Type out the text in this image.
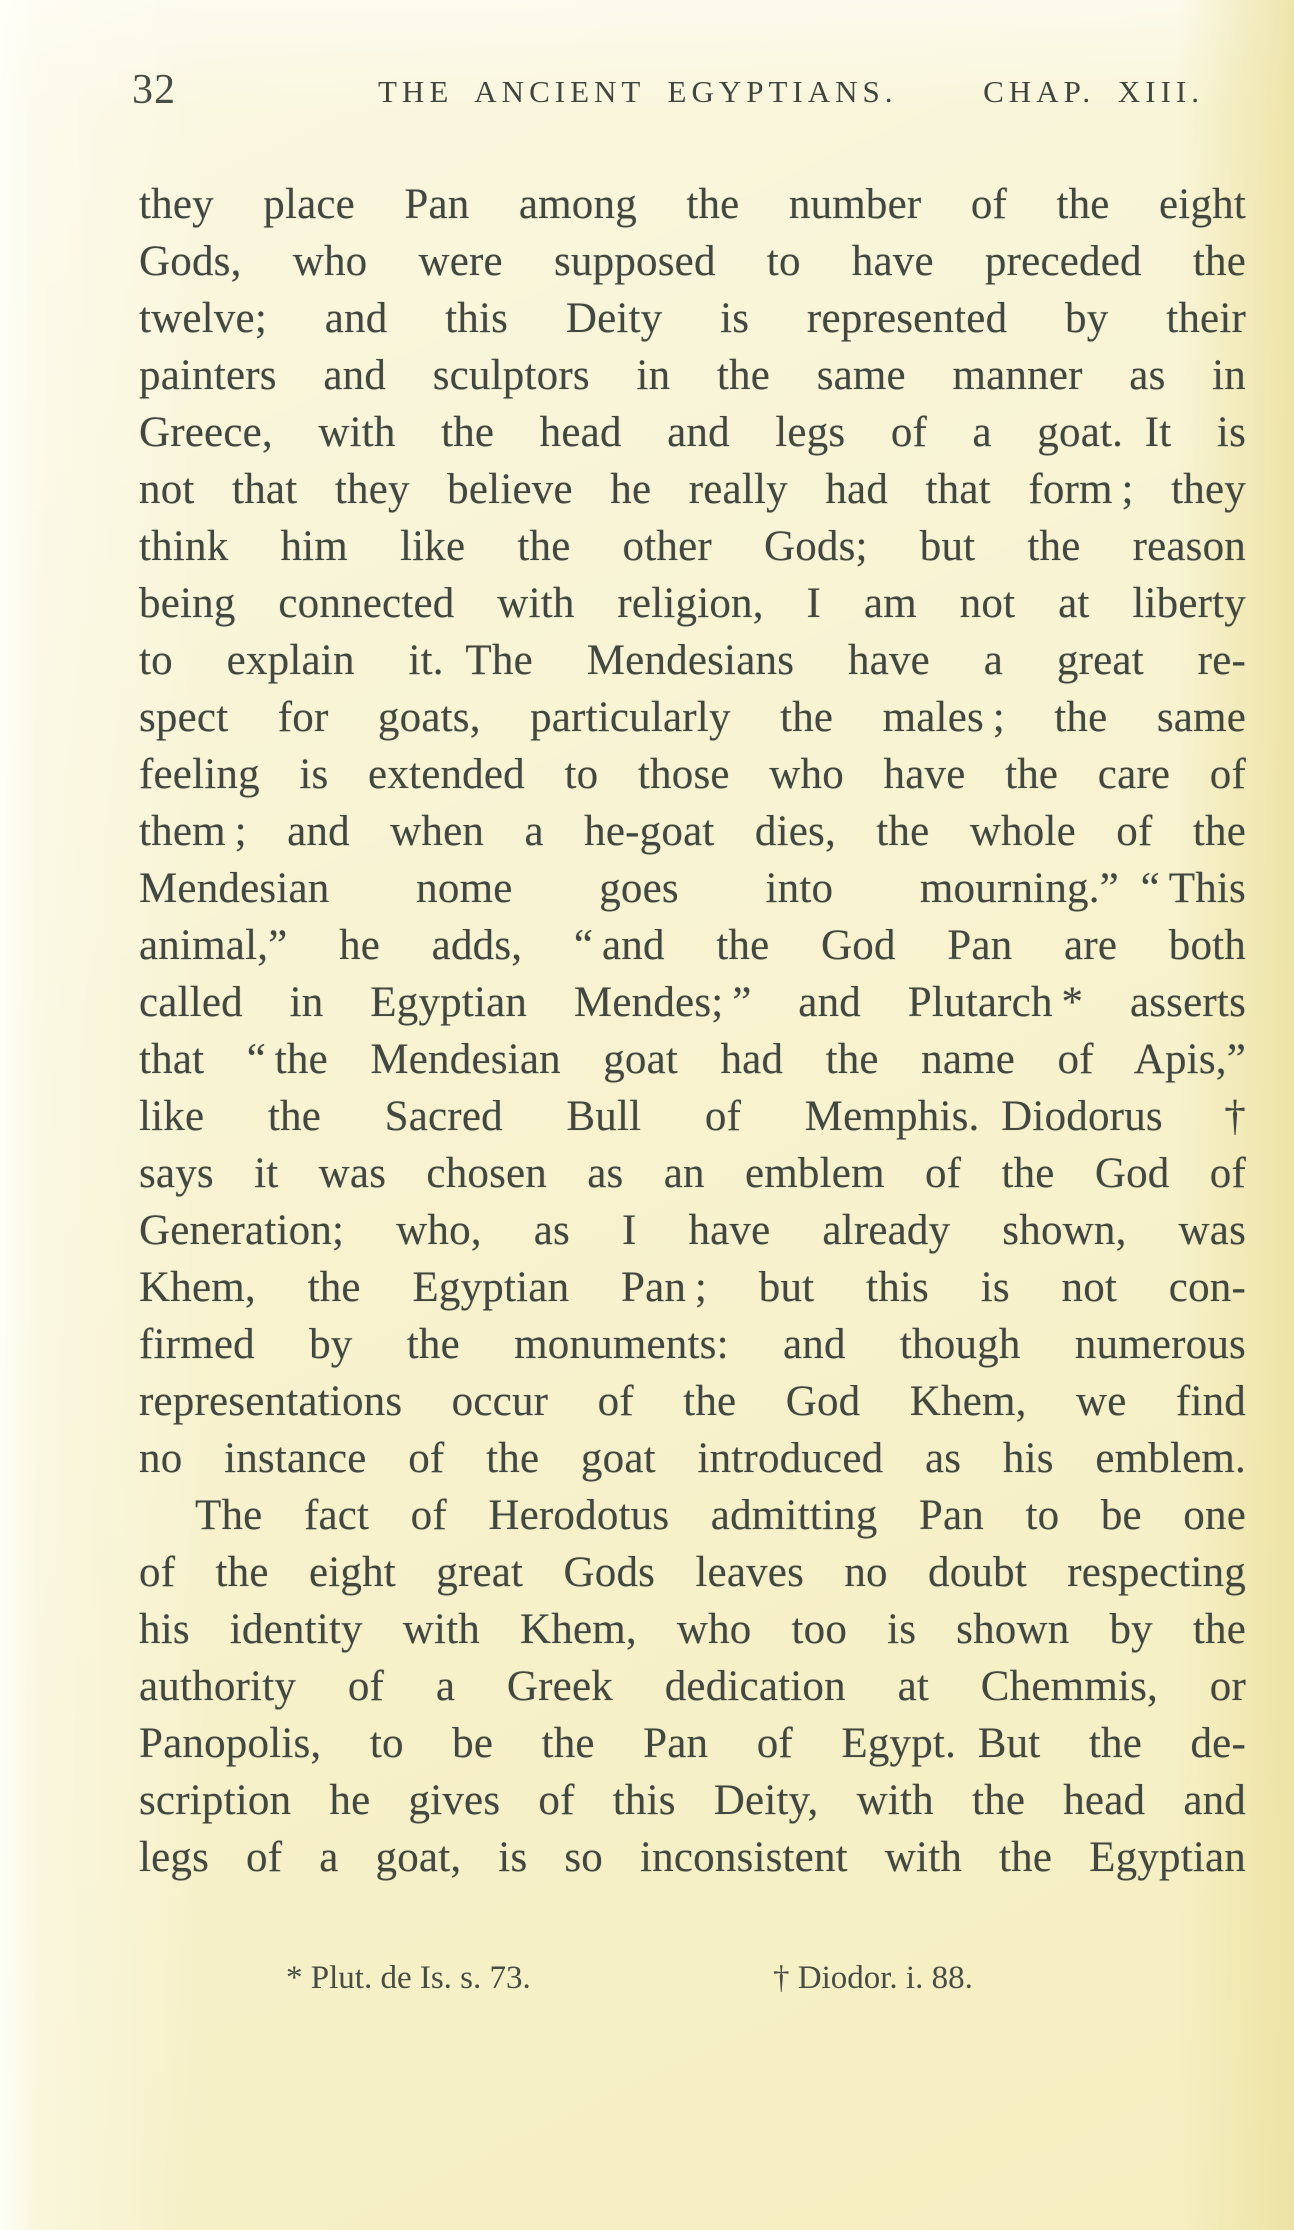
32	THE ANCIENT EGYPTIANS.	CHAP. XIII.
they place Pan among the number of the eight
Gods, who were supposed to have preceded the
twelve; and this Deity is represented by their
painters and sculptors in the same manner as in
Greece, with the head and legs of a goat. It is
not that they believe he really had that form ; they
think him like the other Gods; but the reason
being connected with religion, I am not at liberty
to explain it. The Mendesians have a great re-
spect for goats, particularly the males ; the same
feeling is extended to those who have the care of
them ; and when a he-goat dies, the whole of the
Mendesian nome goes into mourning.” “ This
animal,” he adds, “ and the God Pan are both
called in Egyptian Mendes; ” and Plutarch * asserts
that “ the Mendesian goat had the name of Apis,”
like the Sacred Bull of Memphis. Diodorus †
says it was chosen as an emblem of the God of
Generation; who, as I have already shown, was
Khem, the Egyptian Pan ; but this is not con-
firmed by the monuments: and though numerous
representations occur of the God Khem, we find
no instance of the goat introduced as his emblem.
The fact of Herodotus admitting Pan to be one
of the eight great Gods leaves no doubt respecting
his identity with Khem, who too is shown by the
authority of a Greek dedication at Chemmis, or
Panopolis, to be the Pan of Egypt. But the de-
scription he gives of this Deity, with the head and
legs of a goat, is so inconsistent with the Egyptian
* Plut. de Is. s. 73.	† Diodor. i. 88.
